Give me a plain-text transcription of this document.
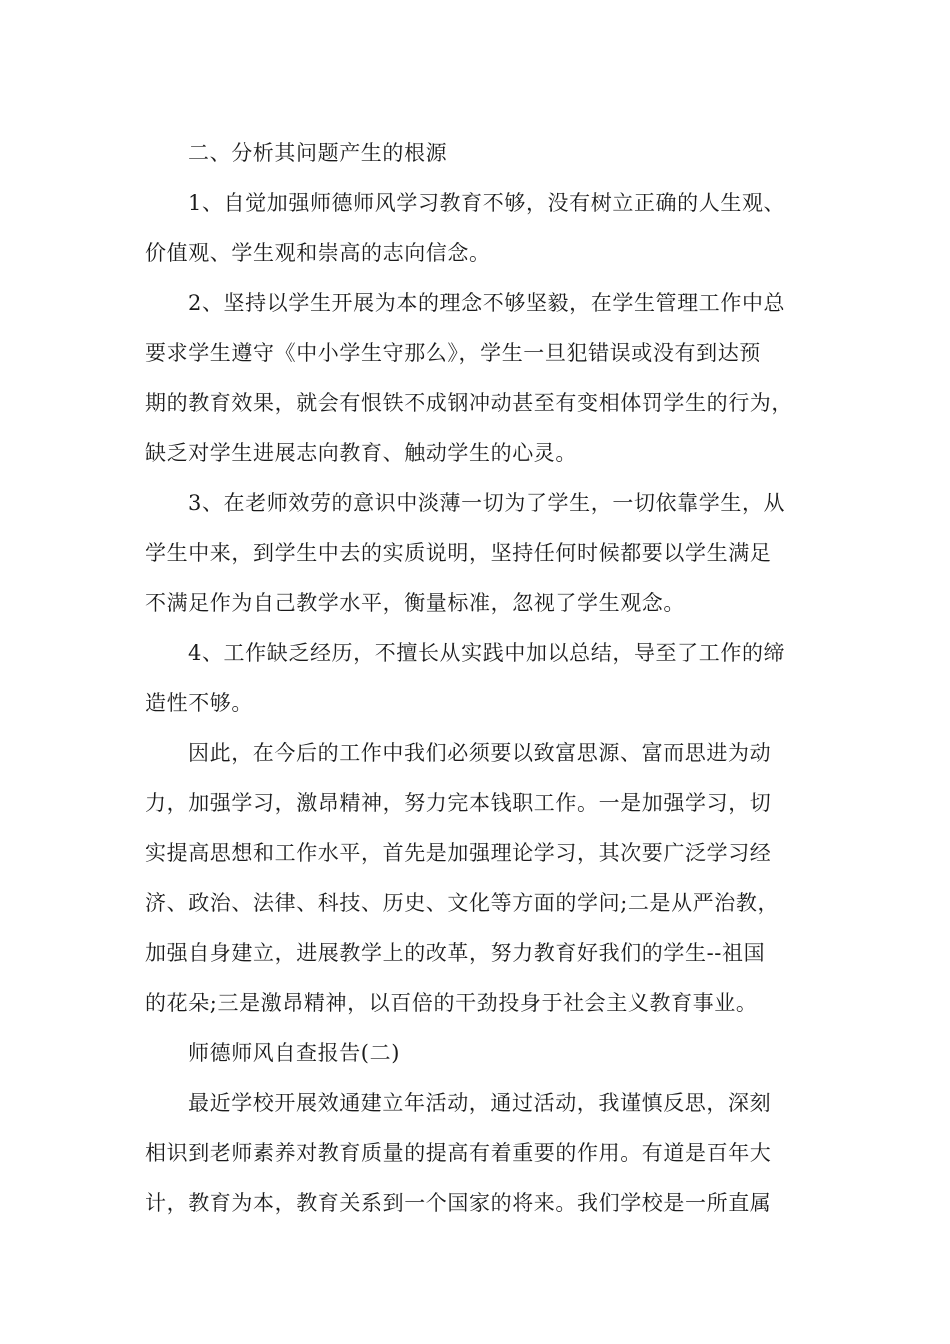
二、分析其问题产生的根源
1、自觉加强师德师风学习教育不够，没有树立正确的人生观、
价值观、学生观和崇高的志向信念。
2、坚持以学生开展为本的理念不够坚毅，在学生管理工作中总
要求学生遵守《中小学生守那么》，学生一旦犯错误或没有到达预
期的教育效果，就会有恨铁不成钢冲动甚至有变相体罚学生的行为，
缺乏对学生进展志向教育、触动学生的心灵。
3、在老师效劳的意识中淡薄一切为了学生，一切依靠学生，从
学生中来，到学生中去的实质说明，坚持任何时候都要以学生满足
不满足作为自己教学水平，衡量标准，忽视了学生观念。
4、工作缺乏经历，不擅长从实践中加以总结，导至了工作的缔
造性不够。
因此，在今后的工作中我们必须要以致富思源、富而思进为动
力，加强学习，激昂精神，努力完本钱职工作。一是加强学习，切
实提高思想和工作水平，首先是加强理论学习，其次要广泛学习经
济、政治、法律、科技、历史、文化等方面的学问;二是从严治教，
加强自身建立，进展教学上的改革，努力教育好我们的学生--祖国
的花朵;三是激昂精神，以百倍的干劲投身于社会主义教育事业。
师德师风自查报告(二)
最近学校开展效通建立年活动，通过活动，我谨慎反思，深刻
相识到老师素养对教育质量的提高有着重要的作用。有道是百年大
计，教育为本，教育关系到一个国家的将来。我们学校是一所直属
